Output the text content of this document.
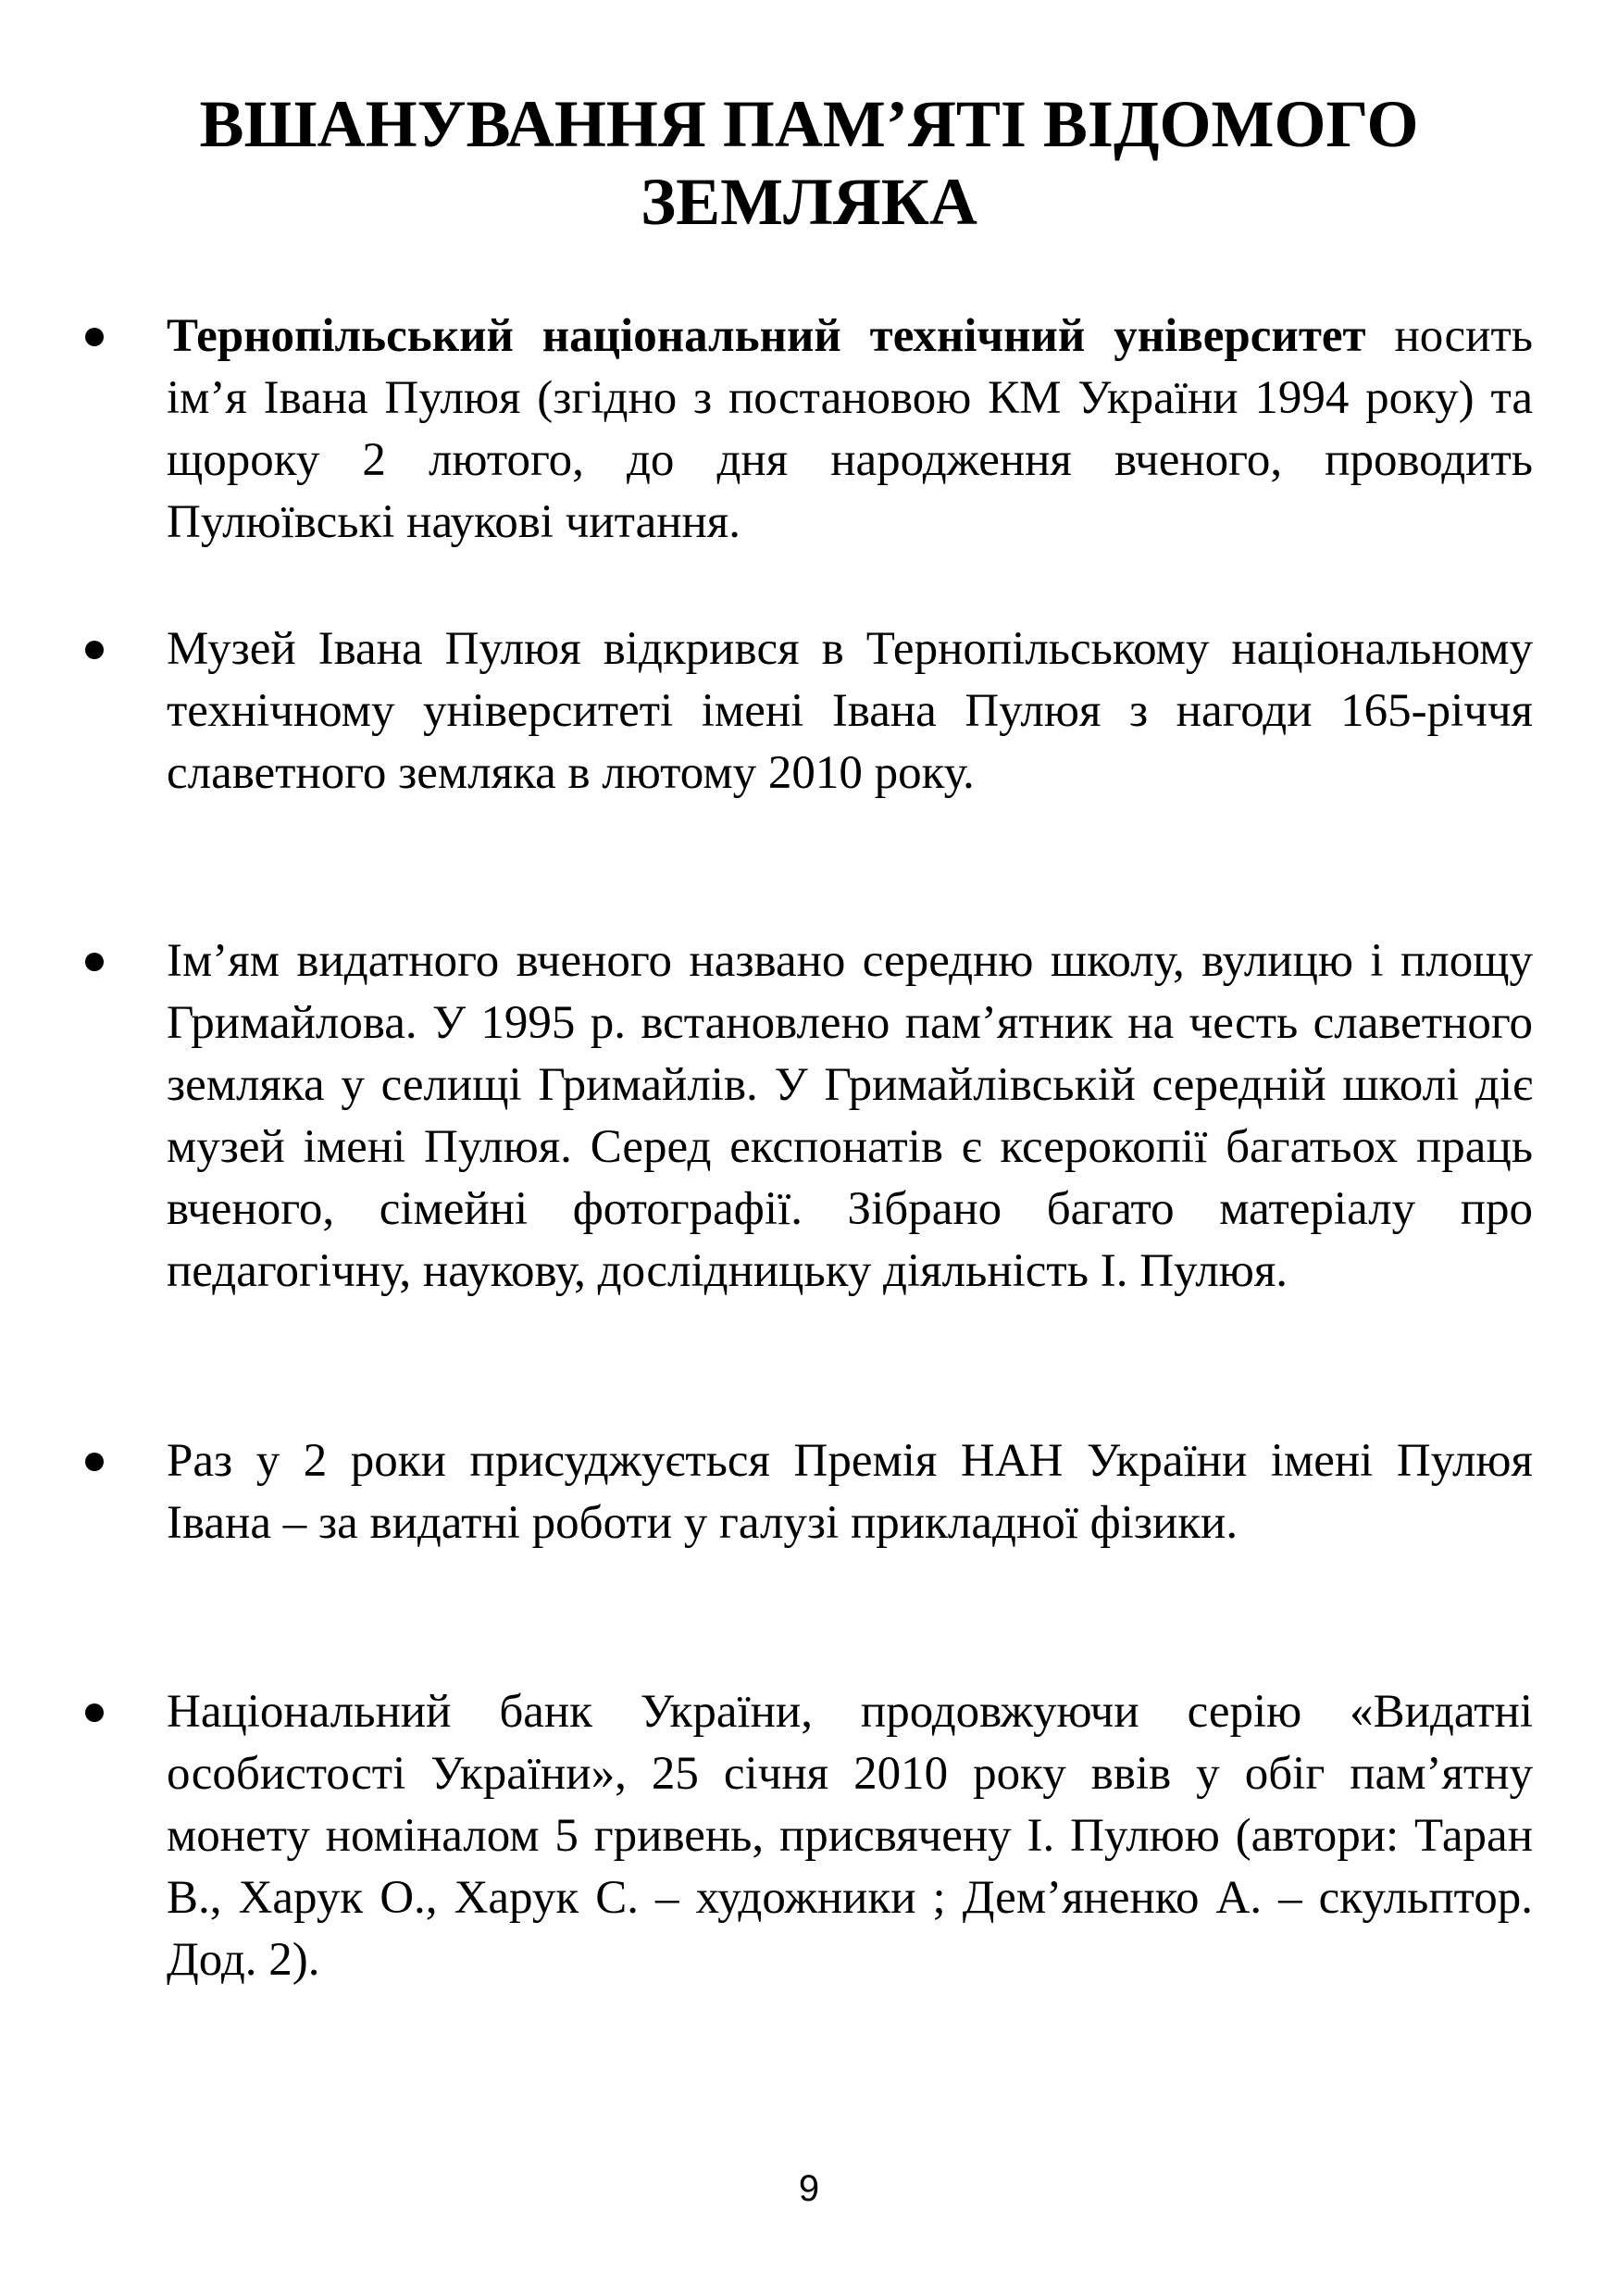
ВШАНУВАННЯ ПАМ’ЯТІ ВІДОМОГО
ЗЕМЛЯКА
Тернопільський національний технічний університет носить ім’я Івана Пулюя (згідно з постановою КМ України 1994 року) та щороку 2 лютого, до дня народження вченого, проводить Пулюївські наукові читання.
Музей Івана Пулюя відкривcя в Тернопільському національному технічному університеті імені Івана Пулюя з нагоди 165-річчя славетного земляка в лютому 2010 року.
Ім’ям видатного вченого названо середню школу, вулицю і площу Гримайлова. У 1995 р. встановлено пам’ятник на честь славетного земляка у селищі Гримайлів. У Гримайлівській середній школі діє музей імені Пулюя. Серед експонатів є ксерокопії багатьох праць вченого, сімейні фотографії. Зібрано багато матеріалу про педагогічну, наукову, дослідницьку діяльність І. Пулюя.
Раз у 2 роки присуджується Премія НАН України імені Пулюя Івана – за видатні роботи у галузі прикладної фізики.
Національний банк України, продовжуючи серію «Видатні особистості України», 25 січня 2010 року ввів у обіг пам’ятну монету номіналом 5 гривень, присвячену І. Пулюю (автори: Таран В., Харук О., Харук С. – художники ; Дем’яненко А. – скульптор. Дод. 2).
9
